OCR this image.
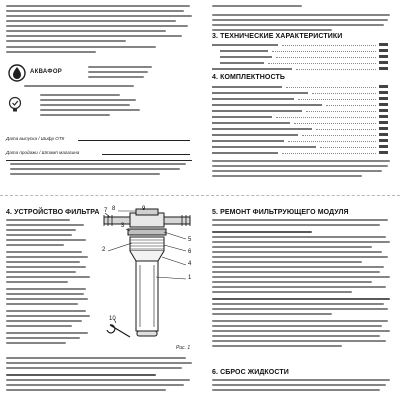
АКВАФОР
Дата выпуска / Шифр ОТК
Дата продажи / Штамп магазина
3. ТЕХНИЧЕСКИЕ ХАРАКТЕРИСТИКИ
4. КОМПЛЕКТНОСТЬ
4. УСТРОЙСТВО ФИЛЬТРА
1
2
3
4
5
6
7 8	9
10
Рис. 1
5. РЕМОНТ ФИЛЬТРУЮЩЕГО МОДУЛЯ
6. СБРОС ЖИДКОСТИ
